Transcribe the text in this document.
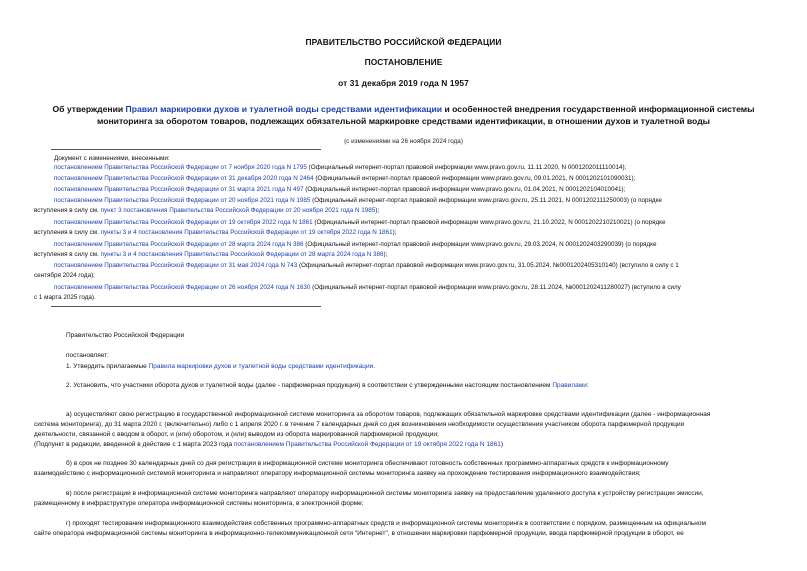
ПРАВИТЕЛЬСТВО РОССИЙСКОЙ ФЕДЕРАЦИИ
ПОСТАНОВЛЕНИЕ
от 31 декабря 2019 года N 1957
Об утверждении Правил маркировки духов и туалетной воды средствами идентификации и особенностей внедрения государственной информационной системы
мониторинга за оборотом товаров, подлежащих обязательной маркировке средствами идентификации, в отношении духов и туалетной воды
(с изменениями на 26 ноября 2024 года)
Документ с изменениями, внесенными:
постановлением Правительства Российской Федерации от 7 ноября 2020 года N 1795 (Официальный интернет-портал правовой информации www.pravo.gov.ru, 11.11.2020, N 0001202011110014);
постановлением Правительства Российской Федерации от 31 декабря 2020 года N 2464 (Официальный интернет-портал правовой информации www.pravo.gov.ru, 09.01.2021, N 0001202101090031);
постановлением Правительства Российской Федерации от 31 марта 2021 года N 497 (Официальный интернет-портал правовой информации www.pravo.gov.ru, 01.04.2021, N 0001202104010041);
постановлением Правительства Российской Федерации от 20 ноября 2021 года N 1985 (Официальный интернет-портал правовой информации www.pravo.gov.ru, 25.11.2021, N 0001202111250003) (о порядке
вступления в силу см. пункт 3 постановления Правительства Российской Федерации от 20 ноября 2021 года N 1985);
постановлением Правительства Российской Федерации от 19 октября 2022 года N 1861 (Официальный интернет-портал правовой информации www.pravo.gov.ru, 21.10.2022, N 0001202210210021) (о порядке
вступления в силу см. пункты 3 и 4 постановления Правительства Российской Федерации от 19 октября 2022 года N 1861);
постановлением Правительства Российской Федерации от 28 марта 2024 года N 386 (Официальный интернет-портал правовой информации www.pravo.gov.ru, 29.03.2024, N 0001202403290039) (о порядке
вступления в силу см. пункты 3 и 4 постановления Правительства Российской Федерации от 28 марта 2024 года N 386);
постановлением Правительства Российской Федерации от 31 мая 2024 года N 743 (Официальный интернет-портал правовой информации www.pravo.gov.ru, 31.05.2024, №0001202405310140) (вступило в силу с 1
сентября 2024 года);
постановлением Правительства Российской Федерации от 26 ноября 2024 года N 1630 (Официальный интернет-портал правовой информации www.pravo.gov.ru, 28.11.2024, №0001202411280027) (вступило в силу
с 1 марта 2025 года).
Правительство Российской Федерации
постановляет:
1. Утвердить прилагаемые Правила маркировки духов и туалетной воды средствами идентификации.
2. Установить, что участники оборота духов и туалетной воды (далее - парфюмерная продукция) в соответствии с утвержденными настоящим постановлением Правилами:
а) осуществляют свою регистрацию в государственной информационной системе мониторинга за оборотом товаров, подлежащих обязательной маркировке средствами идентификации (далее - информационная
система мониторинга), до 31 марта 2020 г. (включительно) либо с 1 апреля 2020 г. в течение 7 календарных дней со дня возникновения необходимости осуществления участником оборота парфюмерной продукции
деятельности, связанной с вводом в оборот, и (или) оборотом, и (или) выводом из оборота маркированной парфюмерной продукции;
(Подпункт в редакции, введенной в действие с 1 марта 2023 года постановлением Правительства Российской Федерации от 19 октября 2022 года N 1861)
б) в срок не позднее 30 календарных дней со дня регистрации в информационной системе мониторинга обеспечивают готовность собственных программно-аппаратных средств к информационному
взаимодействию с информационной системой мониторинга и направляют оператору информационной системы мониторинга заявку на прохождение тестирования информационного взаимодействия;
в) после регистрации в информационной системе мониторинга направляют оператору информационной системы мониторинга заявку на предоставление удаленного доступа к устройству регистрации эмиссии,
размещенному в инфраструктуре оператора информационной системы мониторинга, в электронной форме;
г) проходят тестирование информационного взаимодействия собственных программно-аппаратных средств и информационной системы мониторинга в соответствии с порядком, размещенным на официальном
сайте оператора информационной системы мониторинга в информационно-телекоммуникационной сети "Интернет", в отношении маркировки парфюмерной продукции, ввода парфюмерной продукции в оборот, ее
